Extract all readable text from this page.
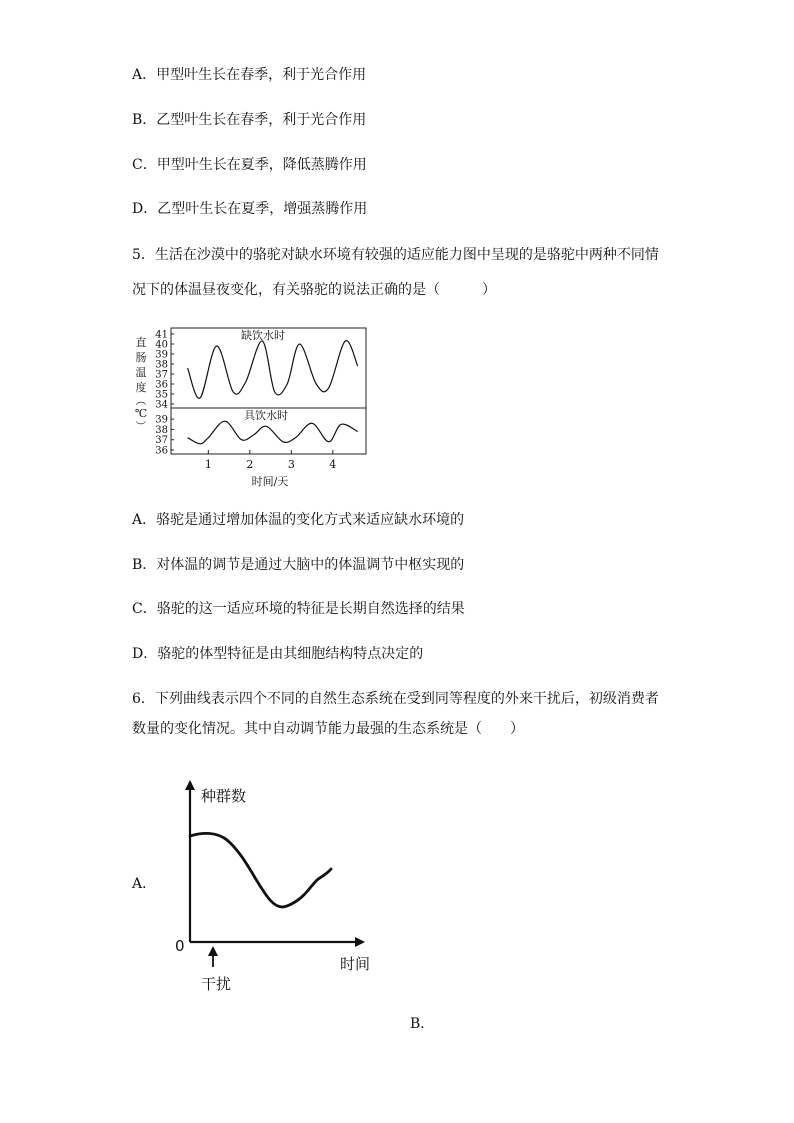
A．甲型叶生长在春季，利于光合作用
B．乙型叶生长在春季，利于光合作用
C．甲型叶生长在夏季，降低蒸腾作用
D．乙型叶生长在夏季，增强蒸腾作用
5．生活在沙漠中的骆驼对缺水环境有较强的适应能力图中呈现的是骆驼中两种不同情
况下的体温昼夜变化，有关骆驼的说法正确的是（　　　）
直
肠
温
度
︵
℃
︶
缺饮水时
具饮水时
41
40
39
38
37
36
35
34
39
38
37
36
1	2	3	4
时间/天
A．骆驼是通过增加体温的变化方式来适应缺水环境的
B．对体温的调节是通过大脑中的体温调节中枢实现的
C．骆驼的这一适应环境的特征是长期自然选择的结果
D．骆驼的体型特征是由其细胞结构特点决定的
6．下列曲线表示四个不同的自然生态系统在受到同等程度的外来干扰后，初级消费者
数量的变化情况。其中自动调节能力最强的生态系统是（　　）
A．
种群数
时间
0
干扰
B．
